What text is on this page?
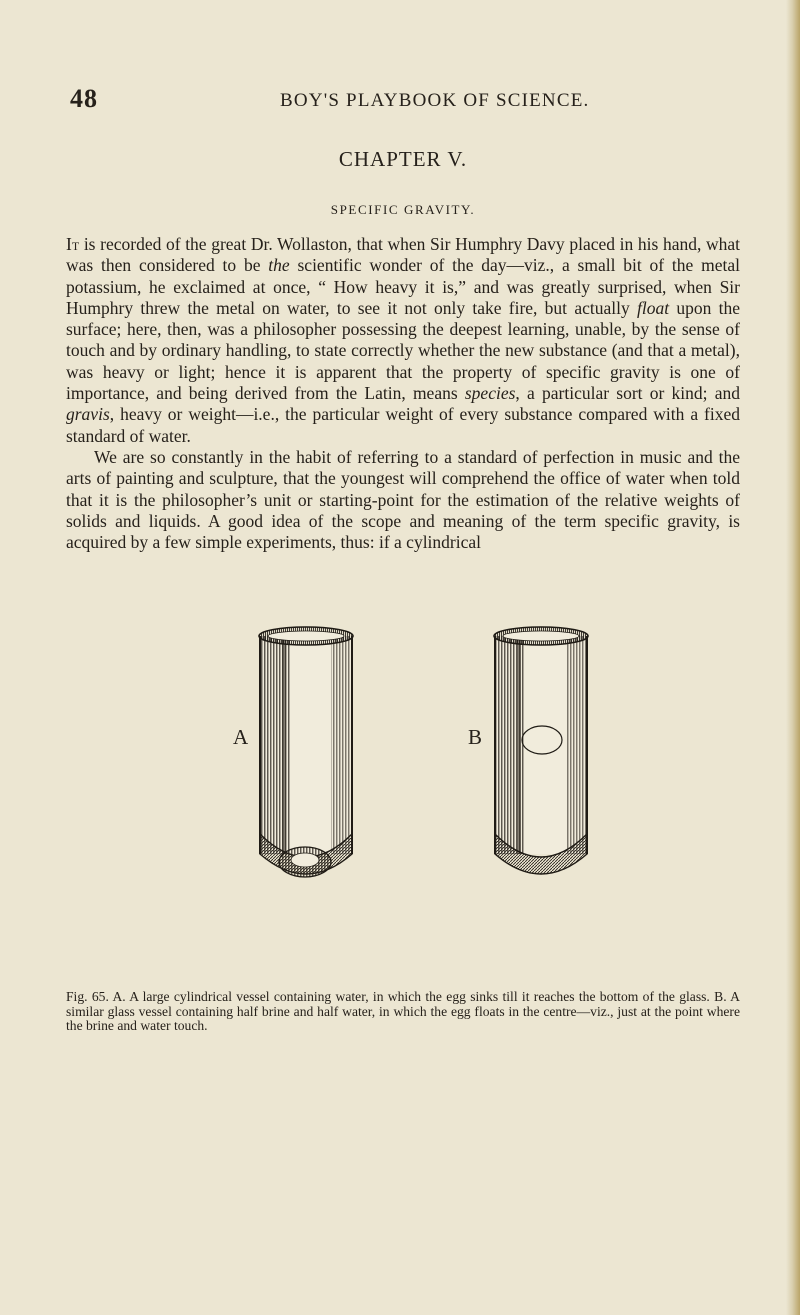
48	BOY'S PLAYBOOK OF SCIENCE.
CHAPTER V.
SPECIFIC GRAVITY.

It is recorded of the great Dr. Wollaston, that when Sir Humphry Davy placed in his hand, what was then considered to be the scientific wonder of the day—viz., a small bit of the metal potassium, he exclaimed at once, “ How heavy it is,” and was greatly surprised, when Sir Humphry threw the metal on water, to see it not only take fire, but actually float upon the surface; here, then, was a philosopher possessing the deepest learning, unable, by the sense of touch and by ordinary handling, to state correctly whether the new substance (and that a metal), was heavy or light; hence it is apparent that the property of specific gravity is one of importance, and being derived from the Latin, means species, a particular sort or kind; and gravis, heavy or weight—i.e., the particular weight of every substance compared with a fixed standard of water.

We are so constantly in the habit of referring to a standard of perfection in music and the arts of painting and sculpture, that the youngest will comprehend the office of water when told that it is the philosopher’s unit or starting-point for the estimation of the relative weights of solids and liquids. A good idea of the scope and meaning of the term specific gravity, is acquired by a few simple experiments, thus: if a cylindrical

A	B
Fig. 65. A. A large cylindrical vessel containing water, in which the egg sinks till it reaches the bottom of the glass. B. A similar glass vessel containing half brine and half water, in which the egg floats in the centre—viz., just at the point where the brine and water touch.
